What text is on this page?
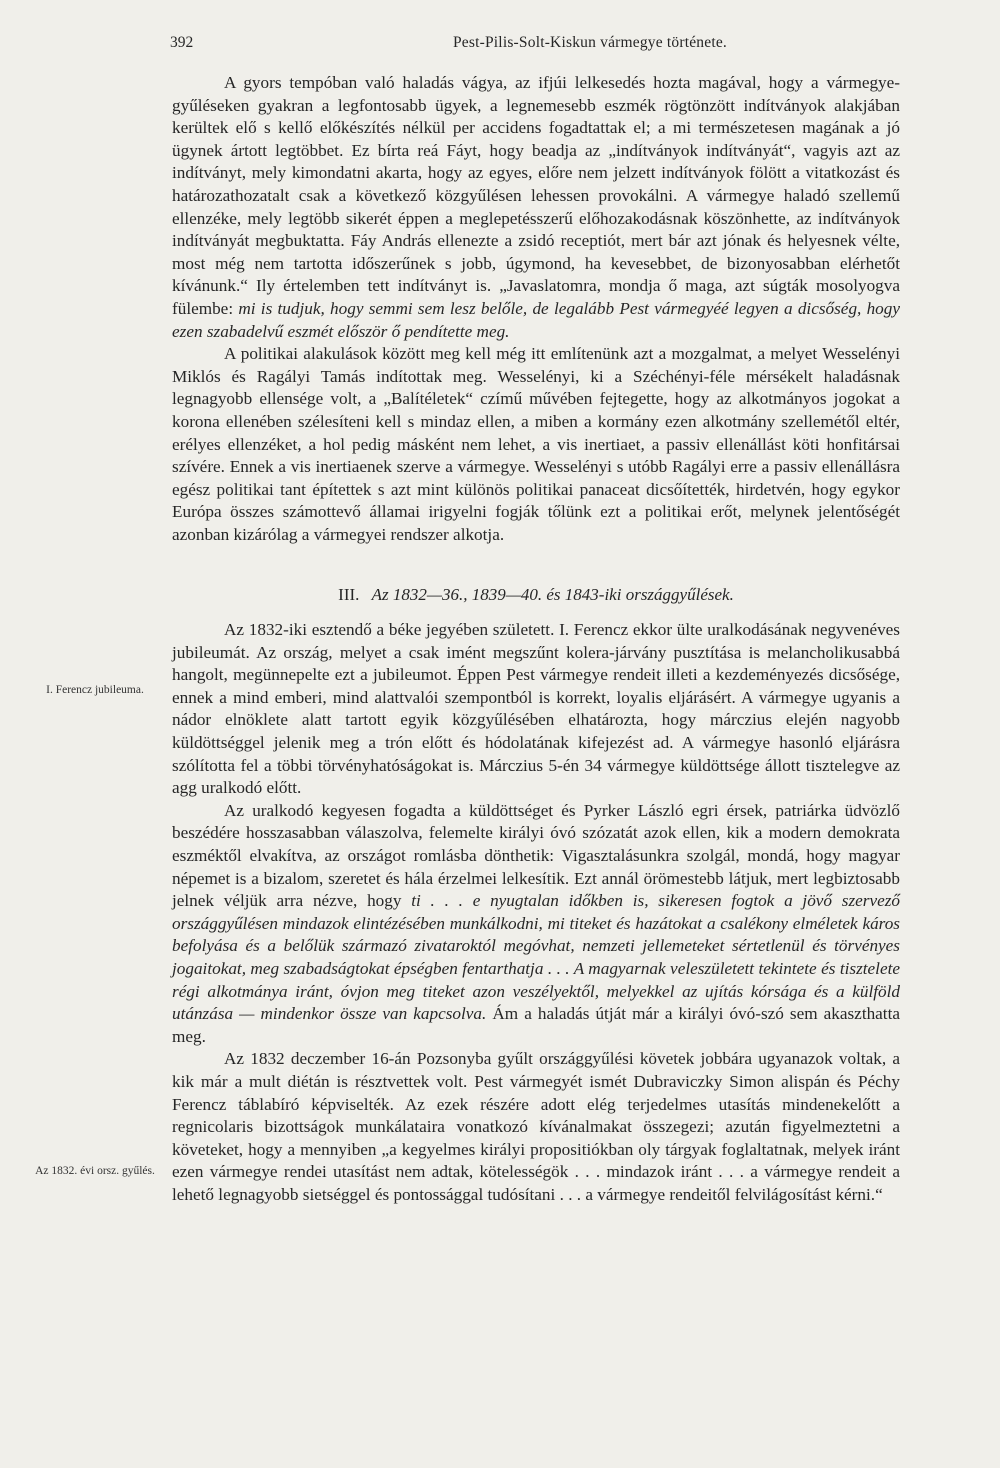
392	Pest-Pilis-Solt-Kiskun vármegye története.
I. Ferencz jubileuma.
Az 1832. évi orsz. gyűlés.

A gyors tempóban való haladás vágya, az ifjúi lelkesedés hozta magával, hogy a vármegye-gyűléseken gyakran a legfontosabb ügyek, a legnemesebb eszmék rögtönzött indítványok alakjában kerültek elő s kellő előkészítés nélkül per accidens fogadtattak el; a mi természetesen magának a jó ügynek ártott legtöbbet. Ez bírta reá Fáyt, hogy beadja az „indítványok indítványát“, vagyis azt az indítványt, mely kimondatni akarta, hogy az egyes, előre nem jelzett indítványok fölött a vitatkozást és határozathozatalt csak a következő közgyűlésen lehessen provokálni. A vármegye haladó szellemű ellenzéke, mely legtöbb sikerét éppen a meglepetésszerű előhozakodásnak köszönhette, az indítványok indítványát megbuktatta. Fáy András ellenezte a zsidó receptiót, mert bár azt jónak és helyesnek vélte, most még nem tartotta időszerűnek s jobb, úgymond, ha kevesebbet, de bizonyosabban elérhetőt kívánunk.“ Ily értelemben tett indítványt is. „Javaslatomra, mondja ő maga, azt súgták mosolyogva fülembe: mi is tudjuk, hogy semmi sem lesz belőle, de legalább Pest vármegyéé legyen a dicsőség, hogy ezen szabadelvű eszmét először ő pendítette meg.

A politikai alakulások között meg kell még itt említenünk azt a mozgalmat, a melyet Wesselényi Miklós és Ragályi Tamás indítottak meg. Wesselényi, ki a Széchényi-féle mérsékelt haladásnak legnagyobb ellensége volt, a „Balítéletek“ czímű művében fejtegette, hogy az alkotmányos jogokat a korona ellenében szélesíteni kell s mindaz ellen, a miben a kormány ezen alkotmány szellemétől eltér, erélyes ellenzéket, a hol pedig másként nem lehet, a vis inertiaet, a passiv ellenállást köti honfitársai szívére. Ennek a vis inertiaenek szerve a vármegye. Wesselényi s utóbb Ragályi erre a passiv ellenállásra egész politikai tant építettek s azt mint különös politikai panaceat dicsőítették, hirdetvén, hogy egykor Európa összes számottevő államai irigyelni fogják tőlünk ezt a politikai erőt, melynek jelentőségét azonban kizárólag a vármegyei rendszer alkotja.

III. Az 1832—36., 1839—40. és 1843-iki országgyűlések.

Az 1832-iki esztendő a béke jegyében született. I. Ferencz ekkor ülte uralkodásának negyvenéves jubileumát. Az ország, melyet a csak imént megszűnt kolera-járvány pusztítása is melancholikusabbá hangolt, megünnepelte ezt a jubileumot. Éppen Pest vármegye rendeit illeti a kezdeményezés dicsősége, ennek a mind emberi, mind alattvalói szempontból is korrekt, loyalis eljárásért. A vármegye ugyanis a nádor elnöklete alatt tartott egyik közgyűlésében elhatározta, hogy márczius elején nagyobb küldöttséggel jelenik meg a trón előtt és hódolatának kifejezést ad. A vármegye hasonló eljárásra szólította fel a többi törvényhatóságokat is. Márczius 5-én 34 vármegye küldöttsége állott tisztelegve az agg uralkodó előtt.

Az uralkodó kegyesen fogadta a küldöttséget és Pyrker László egri érsek, patriárka üdvözlő beszédére hosszasabban válaszolva, felemelte királyi óvó szózatát azok ellen, kik a modern demokrata eszméktől elvakítva, az országot romlásba dönthetik: Vigasztalásunkra szolgál, mondá, hogy magyar népemet is a bizalom, szeretet és hála érzelmei lelkesítik. Ezt annál örömestebb látjuk, mert legbiztosabb jelnek véljük arra nézve, hogy ti . . . e nyugtalan időkben is, sikeresen fogtok a jövő szervező országgyűlésen mindazok elintézésében munkálkodni, mi titeket és hazátokat a csalékony elméletek káros befolyása és a belőlük származó zivataroktól megóvhat, nemzeti jellemeteket sértetlenül és törvényes jogaitokat, meg szabadságtokat épségben fentarthatja . . . A magyarnak veleszületett tekintete és tisztelete régi alkotmánya iránt, óvjon meg titeket azon veszélyektől, melyekkel az ujítás kórsága és a külföld utánzása — mindenkor össze van kapcsolva. Ám a haladás útját már a királyi óvó-szó sem akaszthatta meg.

Az 1832 deczember 16-án Pozsonyba gyűlt országgyűlési követek jobbára ugyanazok voltak, a kik már a mult diétán is résztvettek volt. Pest vármegyét ismét Dubraviczky Simon alispán és Péchy Ferencz táblabíró képviselték. Az ezek részére adott elég terjedelmes utasítás mindenekelőtt a regnicolaris bizottságok munkálataira vonatkozó kívánalmakat összegezi; azután figyelmeztetni a követeket, hogy a mennyiben „a kegyelmes királyi propositiókban oly tárgyak foglaltatnak, melyek iránt ezen vármegye rendei utasítást nem adtak, kötelességök . . . mindazok iránt . . . a vármegye rendeit a lehető legnagyobb sietséggel és pontossággal tudósítani . . . a vármegye rendeitől felvilágosítást kérni.“
